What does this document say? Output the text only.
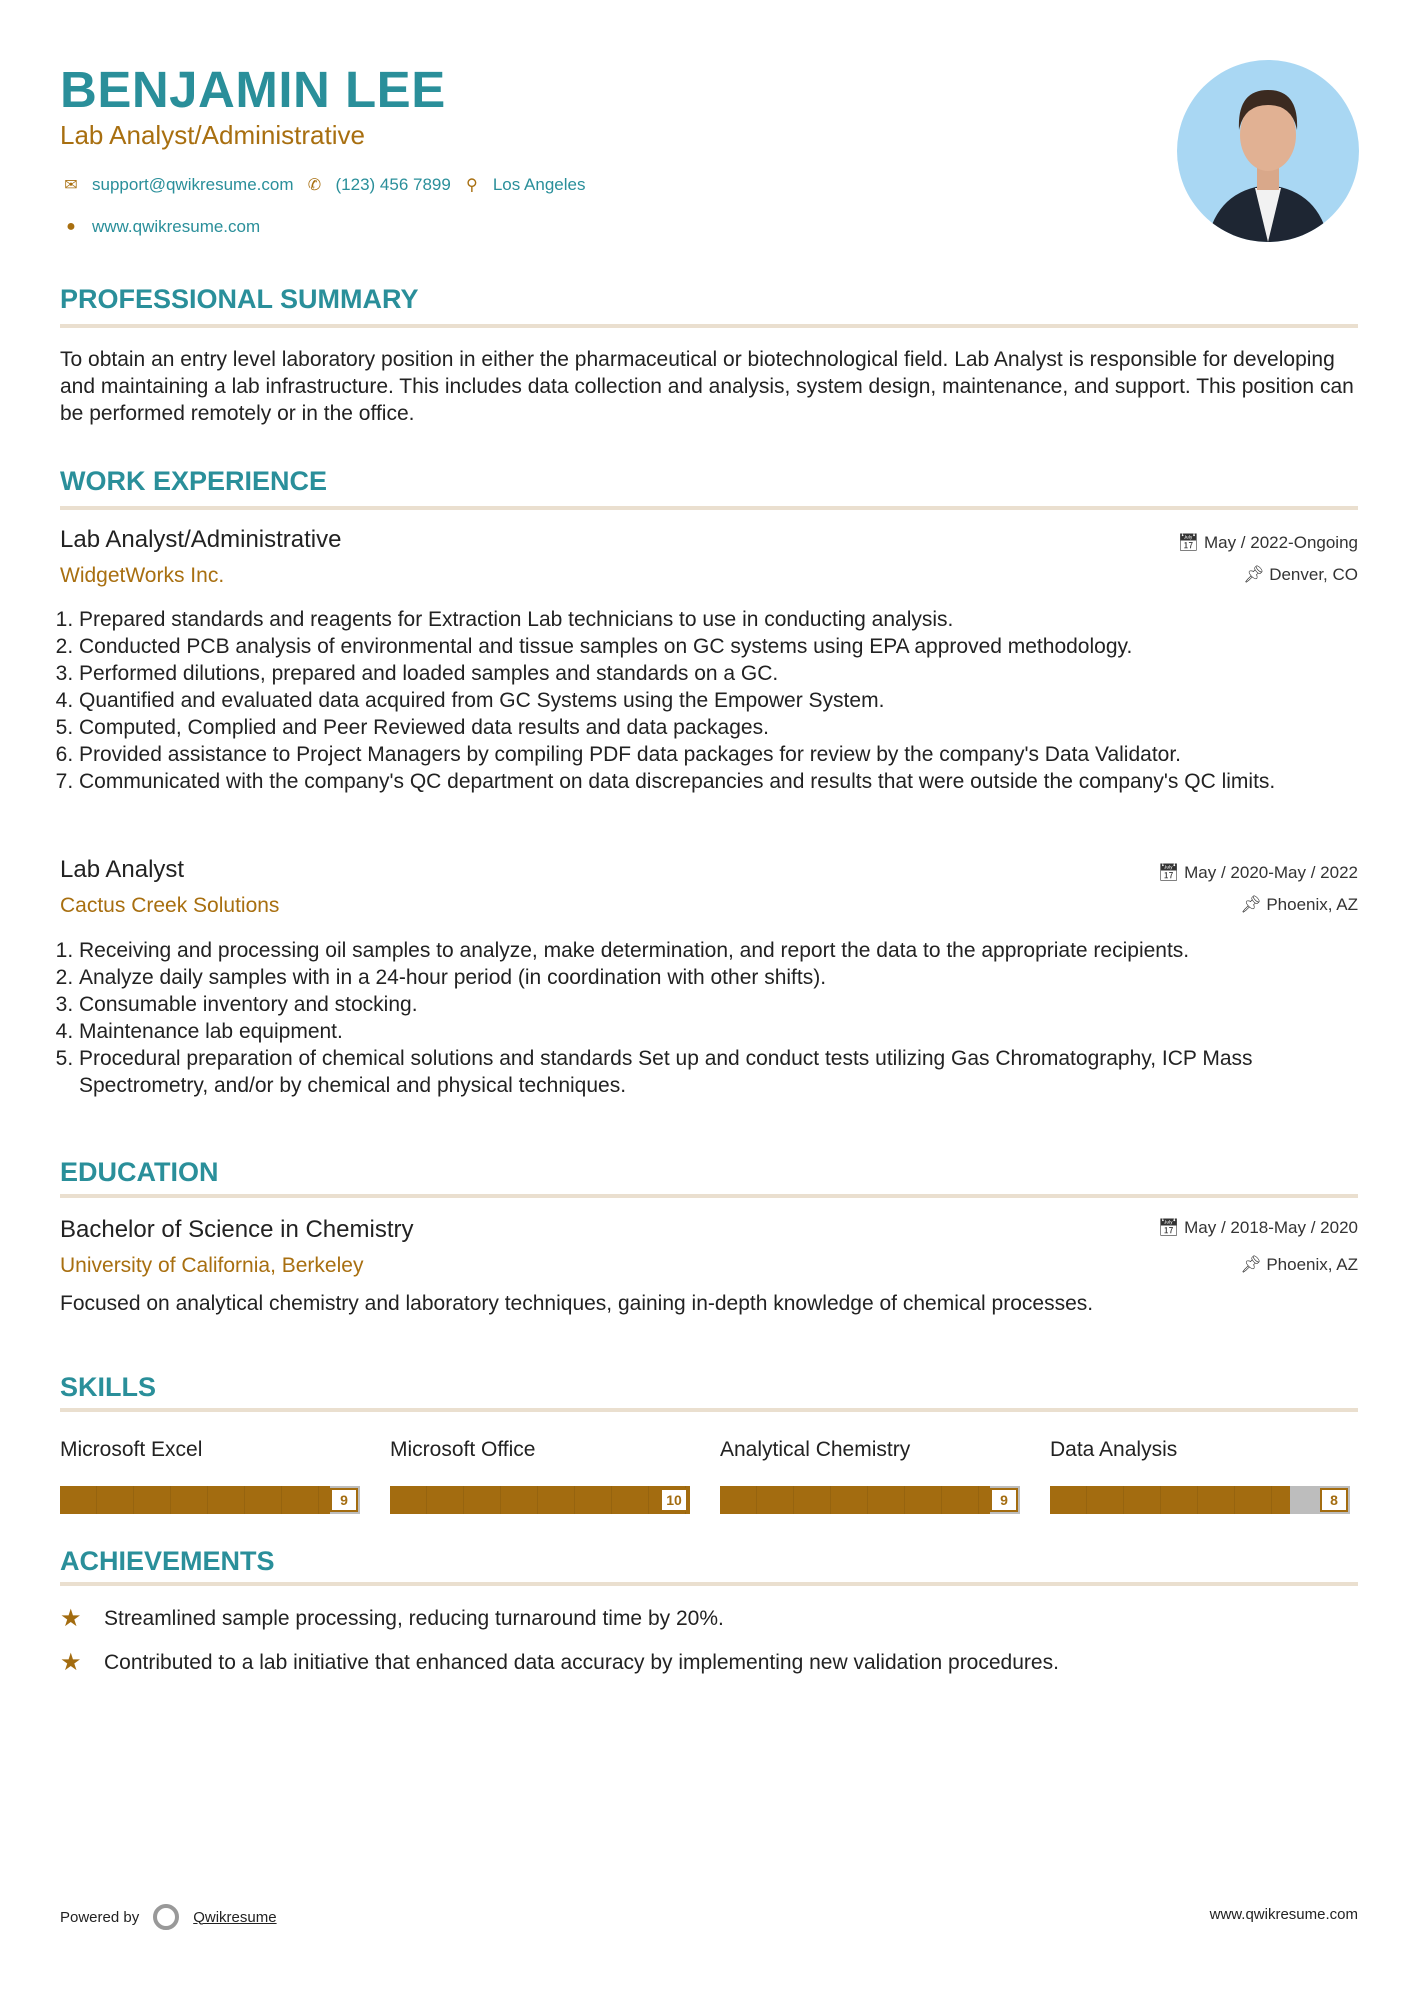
BENJAMIN LEE
Lab Analyst/Administrative
✉ support@qwikresume.com ✆ (123) 456 7899 ⚲ Los Angeles
● www.qwikresume.com
PROFESSIONAL SUMMARY
To obtain an entry level laboratory position in either the pharmaceutical or biotechnological field. Lab Analyst is responsible for developing and maintaining a lab infrastructure. This includes data collection and analysis, system design, maintenance, and support. This position can be performed remotely or in the office.
WORK EXPERIENCE
Lab Analyst/Administrative	📅︎ May / 2022-Ongoing
WidgetWorks Inc.	📌︎ Denver, CO
1. Prepared standards and reagents for Extraction Lab technicians to use in conducting analysis.
2. Conducted PCB analysis of environmental and tissue samples on GC systems using EPA approved methodology.
3. Performed dilutions, prepared and loaded samples and standards on a GC.
4. Quantified and evaluated data acquired from GC Systems using the Empower System.
5. Computed, Complied and Peer Reviewed data results and data packages.
6. Provided assistance to Project Managers by compiling PDF data packages for review by the company's Data Validator.
7. Communicated with the company's QC department on data discrepancies and results that were outside the company's QC limits.
Lab Analyst	📅︎ May / 2020-May / 2022
Cactus Creek Solutions	📌︎ Phoenix, AZ
1. Receiving and processing oil samples to analyze, make determination, and report the data to the appropriate recipients.
2. Analyze daily samples with in a 24-hour period (in coordination with other shifts).
3. Consumable inventory and stocking.
4. Maintenance lab equipment.
5. Procedural preparation of chemical solutions and standards Set up and conduct tests utilizing Gas Chromatography, ICP Mass Spectrometry, and/or by chemical and physical techniques.
EDUCATION
Bachelor of Science in Chemistry	📅︎ May / 2018-May / 2020
University of California, Berkeley	📌︎ Phoenix, AZ
Focused on analytical chemistry and laboratory techniques, gaining in-depth knowledge of chemical processes.
SKILLS
Microsoft Excel
9
Microsoft Office
10
Analytical Chemistry
9
Data Analysis
8
ACHIEVEMENTS
★	Streamlined sample processing, reducing turnaround time by 20%.
★	Contributed to a lab initiative that enhanced data accuracy by implementing new validation procedures.
Powered by	Qwikresume	www.qwikresume.com
